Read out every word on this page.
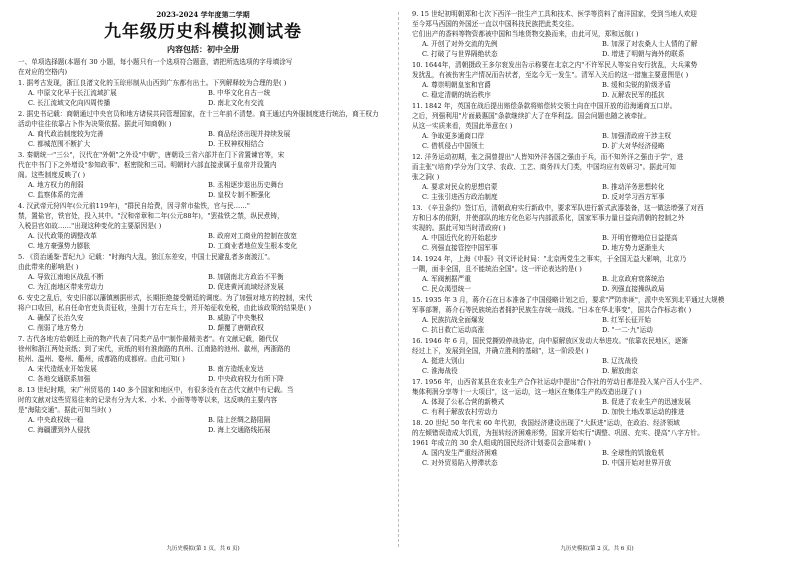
2023-2024 学年度第二学期
九年级历史科模拟测试卷
内容包括：初中全册
一、单项选择题(本题有 30 小题，每小题只有一个选项符合题意，请把所选选项的字母填涂写
在对应的空格内)
1. 据考古发现，浙江良渚文化的玉琮形制从山西到广东都有出土。下列解释较为合理的是( )
A. 中原文化早于长江流域扩展	B. 中华文化自古一统
C. 长江流域文化向四周传播	D. 南北文化有交流
2. 据史书记载：商朝通过中央官员和地方诸侯共同管理国家，在十三年前不清楚。商王通过内外服制度进行统治，商王权力
活动中往往依靠占卜作为决策依据。据此可知商朝( )
A. 商代政治制度较为完善	B. 商品经济出现并持续发展
C. 都城范围不断扩大	D. 王权神权相结合
3. 秦朝统一"三公"，汉代在"外朝"之外设"中朝"，唐朝设三省六部并在门下省置谏官等，宋
代在中书门下之外增设"参知政事"、枢密院和三司。明朝时六部直接隶属于皇帝并设置内
阁。这些制度反映了( )
A. 地方权力的削弱	B. 丞相逐步退出历史舞台
C. 监察体系的完善	D. 皇权专制不断强化
4. 汉武帝元狩四年(公元前119年)，"群民自给费，因寻常市盐铁，官与民……"
禁，置盐官，铁官处，投入其中。"汉和帝章和二年(公元88年)，"罢盐铁之禁，纵民煮铸，
入税县官如故……"出现这种变化的主要原因是( )
A. 汉代政策的调整改革	B. 政府对工商业的控制在放宽
C. 地方豪强势力膨胀	D. 工商业者地位发生根本变化
5. 《资治通鉴·晋纪九》记载："时海内大乱，独江东差安，中国士民避乱者多南渡江"。
由此带来的影响是( )
A. 导致江南地区战乱不断	B. 加剧南北方政治不平衡
C. 为江南地区带来劳动力	D. 促进黄河流域经济发展
6. 安史之乱后，安史旧部以藩镇割据形式，长期拒绝接受朝廷的调度。为了加强对地方的控制，宋代
将户口收回，私自任命官吏负责征收，坐拥十万右左兵士，并开始征收免税，由此该政策的结果是( )
A. 确保了长治久安	B. 威胁了中央集权
C. 削弱了地方势力	D. 颠覆了唐朝政权
7. 古代各地方给朝廷上贡的物产代表了同类产品中"制作最精美者"。有文献记载，随代仅
徐州和浙江两处贡纸；到了宋代，贡纸的则有淮南路的真州、江南路的池州、歙州，两浙路的
杭州、温州、婺州、衢州，成都路的成都府。由此可知( )
A. 宋代造纸业开始发展	B. 南方造纸业发达
C. 各地交通联系加强	D. 中央政府权力有所下降
8. 13 世纪时期，宋广州贸易的 140 多个国家和地区中，有很多没有在古代文献中有记载。当
时的文献对这些贸易往来的记录有分为大米、小米、小面等等等以来，这反映的主要内容
是"海陆交通"。据此可知当时( )
A. 中央政权统一稳	B. 陆上丝绸之路阻隔
C. 海疆遭到外人侵扰	D. 海上交通路线拓展
九历史模拟(第 1 页，共 6 页)
9. 15 世纪初明朝郑和七次下西洋一批生产工具和技术、医学等资料了南洋国家，受到当地人欢迎
至今郑马西国的外国还一直以中国科技民族把此类交往。
它们出产的香料等物资都被中国和当地货物交换而来，由此可见，郑和远航( )
A. 开创了对外交流的先例	B. 加深了对农桑人士人情的了解
C. 打破了与世界隔绝状态	D. 增进了明朝与海外的联系
10. 1644年，清朝摄政王多尔衮发出告示称要在北京之内"不许军民人等妄自安行扰乱，大兵乘势
发扰乱，有被伤害生产情况而告状者，至迄今无一发生"。清军入关后的这一措施主要意图是( )
A. 尊崇明朝皇室和官爵	B. 缓和尖锐的阶级矛盾
C. 稳定清朝的统治秩序	D. 瓦解农民军的抵抗
11. 1842 年，英国在战后提出赔偿条款将赔偿转交领土向在中国开放的沿海通商五口岸。
之后，列强利用"片面最惠国"条款继续扩大了在华利益。国会问题也随之被牵扯。
从这一实质来看，英国此举意在( )
A. 争取更多通商口岸	B. 加强清政府干涉主权
C. 借机侵占中国领土	D. 扩大对华经济侵略
12. 洋务运动初期，张之洞曾提出"人皆知外洋各国之强由于兵，而不知外洋之强由于学"，进
而主张"(培育)学分为门文学、农政、工艺、商务四大门类，中国均应有效研习"。据此可知
张之洞( )
A. 要求对民众的思想启蒙	B. 推动洋务思想转化
C. 主张引进西方政治制度	D. 反对学习西方军事
13. 《辛丑条约》签订后，清朝政府实行新政中，要求军队进行新式武器装备，这一做法增强了对西
方和日本的依附，并使部队的地方化色彩与内部派系化，国家军事力量日益向清朝的控制之外
实现的。据此可知当时清政府( )
A. 中国近代化的开始起步	B. 开明官僚地位日益提高
C. 列强直接管控中国军事	D. 地方势力逐渐坐大
14. 1924 年，上海《申报》刊文评论时局："北京两党生之事实，于全国无益大影响，北京乃
一隅，面非全国，且不能统治全国"。这一评论表达的是( )
A. 军阀割据严重	B. 北京政府衰落统治
C. 民众渴望统一	D. 列强直接操纵政局
15. 1935 年 3 月，蒋介石在日本准备了中国侵略计划之后，要求"严防赤匪"，派中央军到北平通过大规模
军事部署，蒋介石等民族统治者拥护民族生存统一战线。"日本在华北事变"，国共合作标志着( )
A. 民族抗战全面爆发	B. 红军长征开始
C. 抗日救亡运动高涨	D. "一二·九"运动
16. 1946 年 6 月，国民党撕毁停战协定，向中原解放区发动大举进攻。"依靠农民地区，逐渐
经过上下，发展到全国，并确立胜利的基础"，这一阶段是( )
A. 挺进大别山	B. 辽沈战役
C. 淮海战役	D. 解放南京
17. 1956 年，山西省某县在农业生产合作社运动中提出"合作社的劳动日都是投入某户百人小生产、
集体利润分享等十一大项目"，这一运动，这一地区在集体生产的改造出现了( )
A. 体现了公私合营的新模式	B. 促进了农业生产的迅速发展
C. 有利于解放农村劳动力	D. 加快土地改革运动的推进
18. 20 世纪 50 年代末 60 年代初，我国经济建设出现了"大跃进"运动，在政治、经济领域
的左倾错误造成大饥荒，为扭转经济困难形势，国家开始实行"调整、巩固、充实、提高"八字方针。
1961 年成立的 30 余人组成的国民经济计划委员会意味着( )
A. 国内发生严重经济困难	B. 全球性的饥饿危机
C. 对外贸易陷入停滞状态	D. 中国开始对世界开放
九历史模拟(第 2 页，共 6 页)
